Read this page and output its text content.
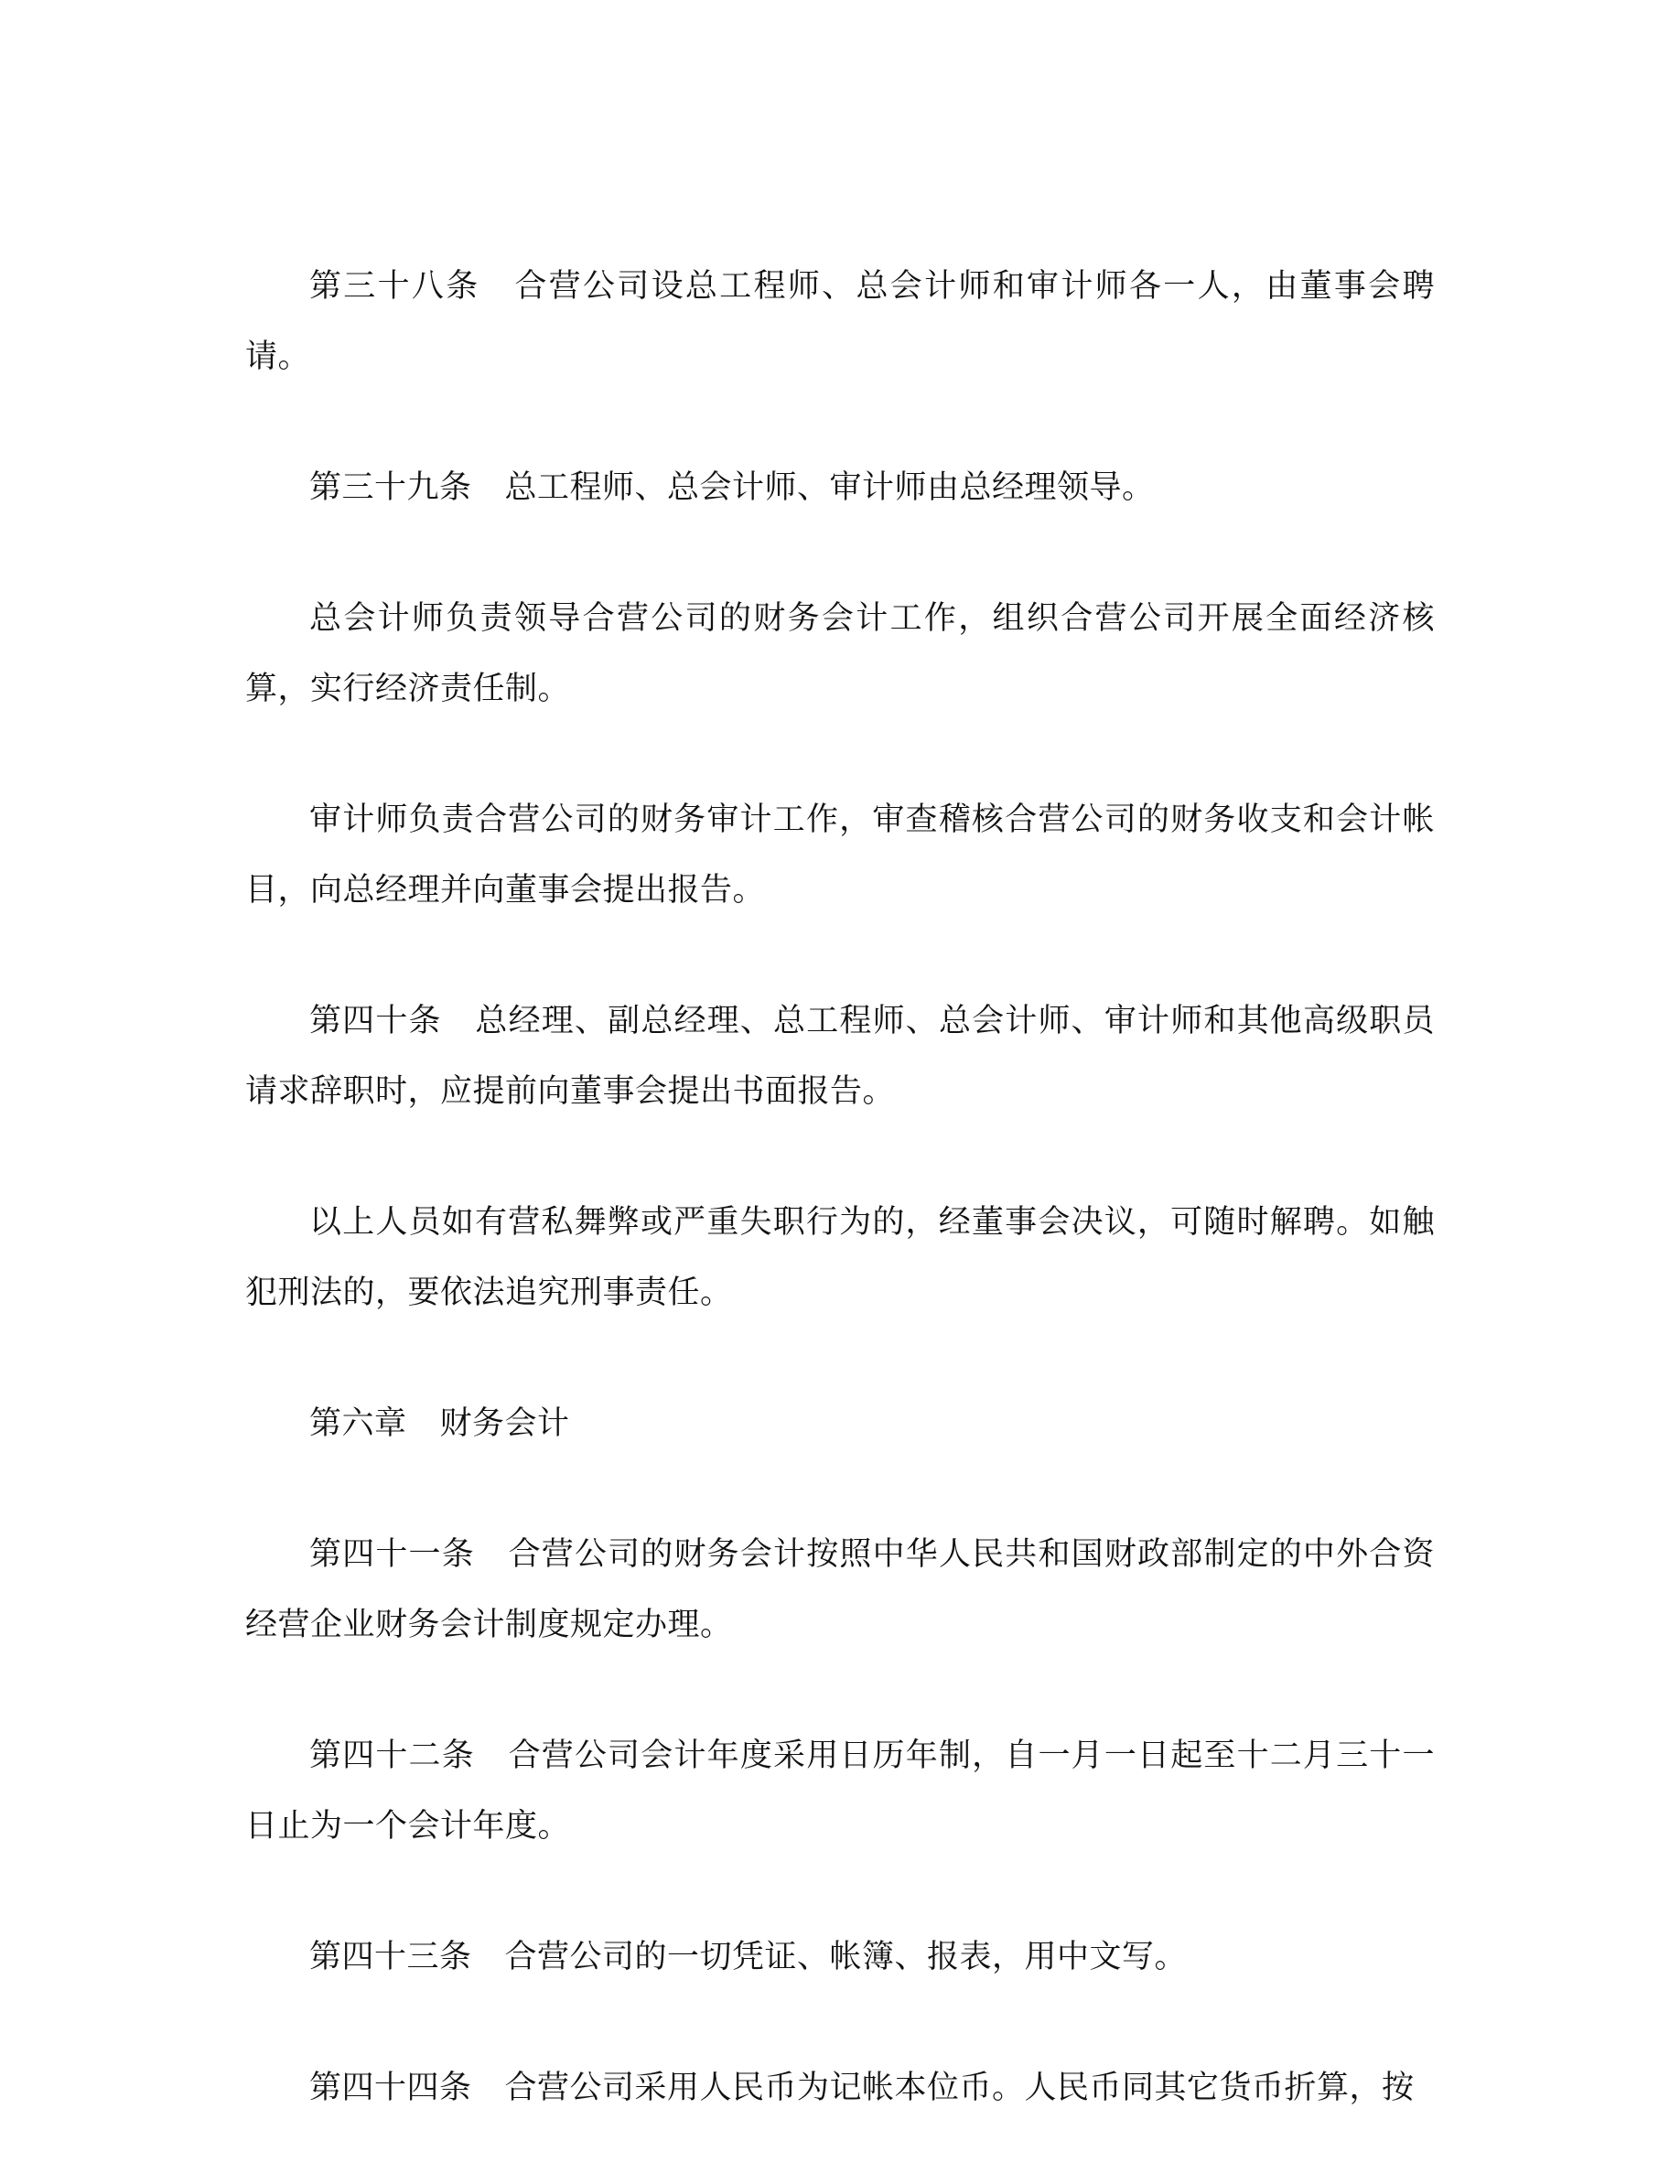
第三十八条 合营公司设总工程师、总会计师和审计师各一人，由董事会聘请。

第三十九条 总工程师、总会计师、审计师由总经理领导。

总会计师负责领导合营公司的财务会计工作，组织合营公司开展全面经济核算，实行经济责任制。

审计师负责合营公司的财务审计工作，审查稽核合营公司的财务收支和会计帐目，向总经理并向董事会提出报告。

第四十条 总经理、副总经理、总工程师、总会计师、审计师和其他高级职员请求辞职时，应提前向董事会提出书面报告。

以上人员如有营私舞弊或严重失职行为的，经董事会决议，可随时解聘。如触犯刑法的，要依法追究刑事责任。

第六章 财务会计

第四十一条 合营公司的财务会计按照中华人民共和国财政部制定的中外合资经营企业财务会计制度规定办理。

第四十二条 合营公司会计年度采用日历年制，自一月一日起至十二月三十一日止为一个会计年度。

第四十三条 合营公司的一切凭证、帐簿、报表，用中文写。

第四十四条 合营公司采用人民币为记帐本位币。人民币同其它货币折算，按
